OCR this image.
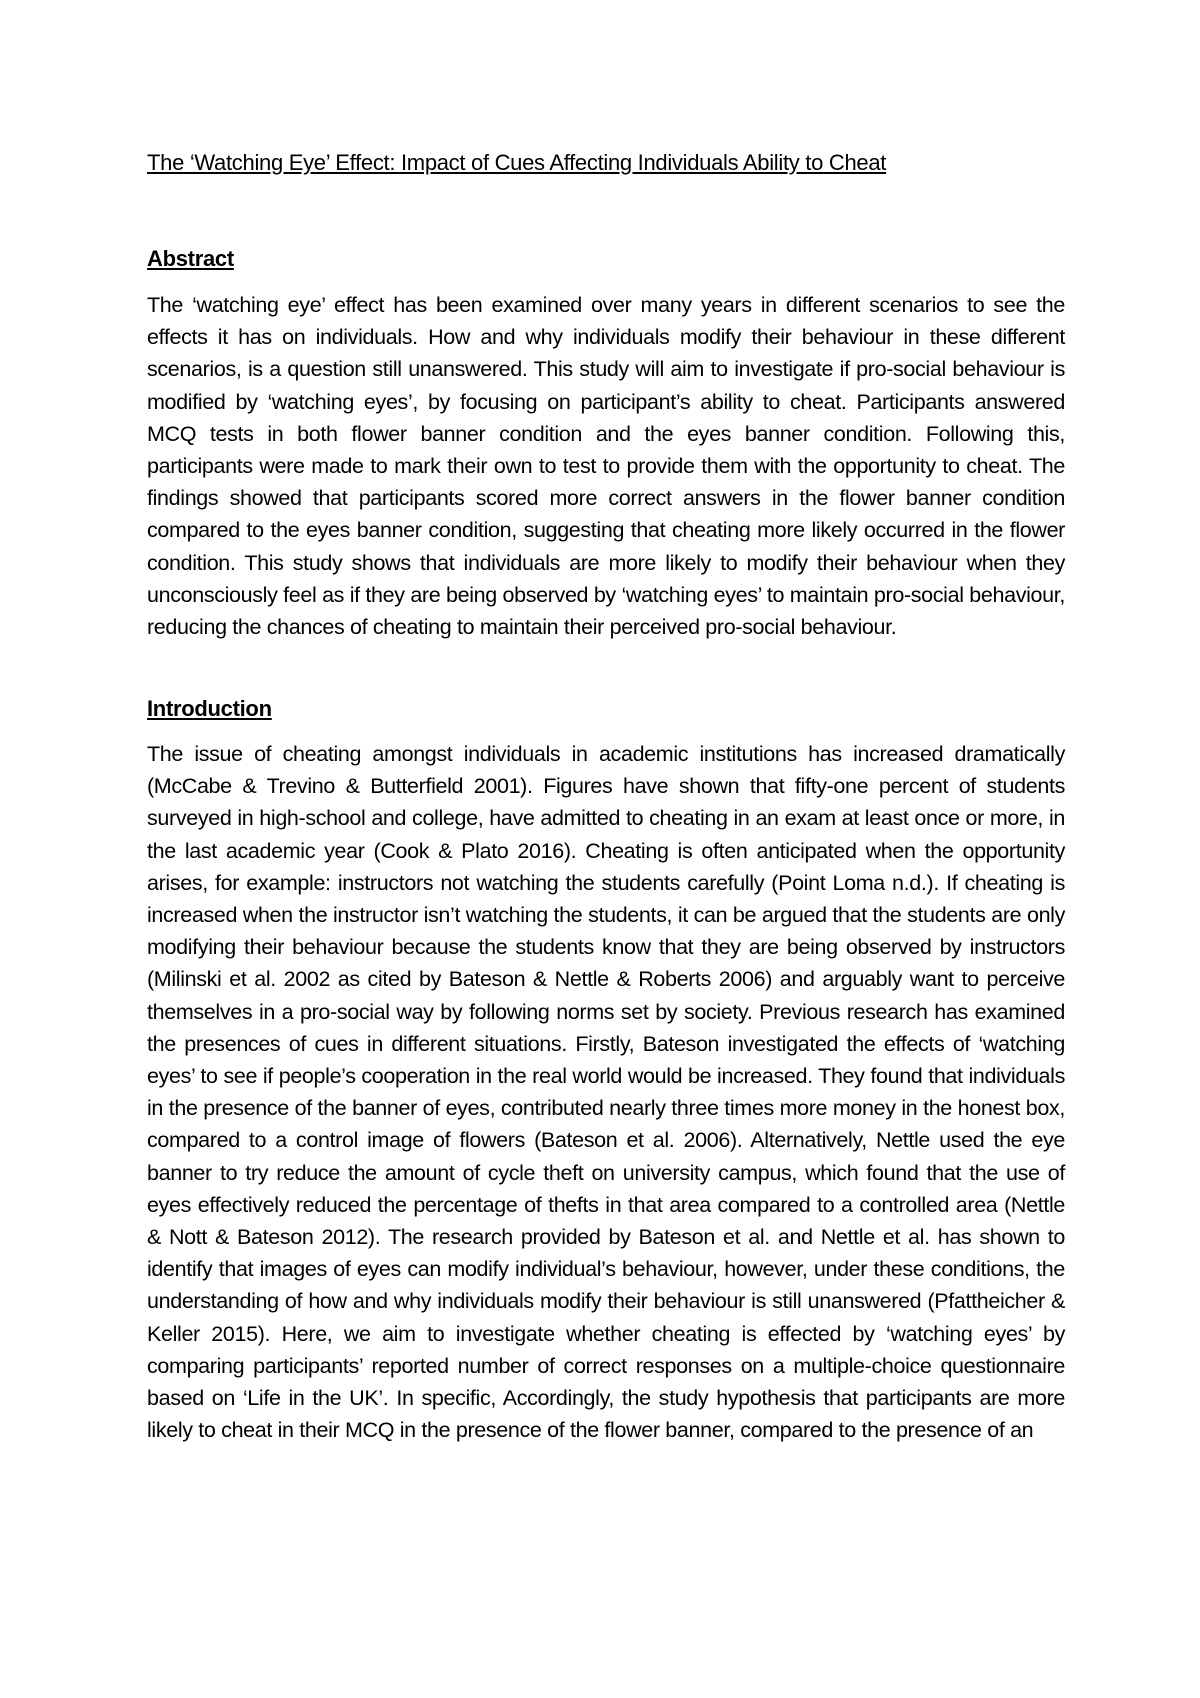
The ‘Watching Eye’ Effect: Impact of Cues Affecting Individuals Ability to Cheat
Abstract

The ‘watching eye’ effect has been examined over many years in different scenarios to see the effects it has on individuals. How and why individuals modify their behaviour in these different scenarios, is a question still unanswered. This study will aim to investigate if pro-social behaviour is modified by ‘watching eyes’, by focusing on participant’s ability to cheat. Participants answered MCQ tests in both flower banner condition and the eyes banner condition. Following this, participants were made to mark their own to test to provide them with the opportunity to cheat. The findings showed that participants scored more correct answers in the flower banner condition compared to the eyes banner condition, suggesting that cheating more likely occurred in the flower condition. This study shows that individuals are more likely to modify their behaviour when they unconsciously feel as if they are being observed by ‘watching eyes’ to maintain pro-social behaviour, reducing the chances of cheating to maintain their perceived pro-social behaviour.

Introduction

The issue of cheating amongst individuals in academic institutions has increased dramatically (McCabe & Trevino & Butterfield 2001). Figures have shown that fifty-one percent of students surveyed in high-school and college, have admitted to cheating in an exam at least once or more, in the last academic year (Cook & Plato 2016). Cheating is often anticipated when the opportunity arises, for example: instructors not watching the students carefully (Point Loma n.d.). If cheating is increased when the instructor isn’t watching the students, it can be argued that the students are only modifying their behaviour because the students know that they are being observed by instructors (Milinski et al. 2002 as cited by Bateson & Nettle & Roberts 2006) and arguably want to perceive themselves in a pro-social way by following norms set by society. Previous research has examined the presences of cues in different situations. Firstly, Bateson investigated the effects of ‘watching eyes’ to see if people’s cooperation in the real world would be increased. They found that individuals in the presence of the banner of eyes, contributed nearly three times more money in the honest box, compared to a control image of flowers (Bateson et al. 2006). Alternatively, Nettle used the eye banner to try reduce the amount of cycle theft on university campus, which found that the use of eyes effectively reduced the percentage of thefts in that area compared to a controlled area (Nettle & Nott & Bateson 2012). The research provided by Bateson et al. and Nettle et al. has shown to identify that images of eyes can modify individual’s behaviour, however, under these conditions, the understanding of how and why individuals modify their behaviour is still unanswered (Pfattheicher & Keller 2015). Here, we aim to investigate whether cheating is effected by ‘watching eyes’ by comparing participants’ reported number of correct responses on a multiple-choice questionnaire based on ‘Life in the UK’. In specific, Accordingly, the study hypothesis that participants are more likely to cheat in their MCQ in the presence of the flower banner, compared to the presence of an
